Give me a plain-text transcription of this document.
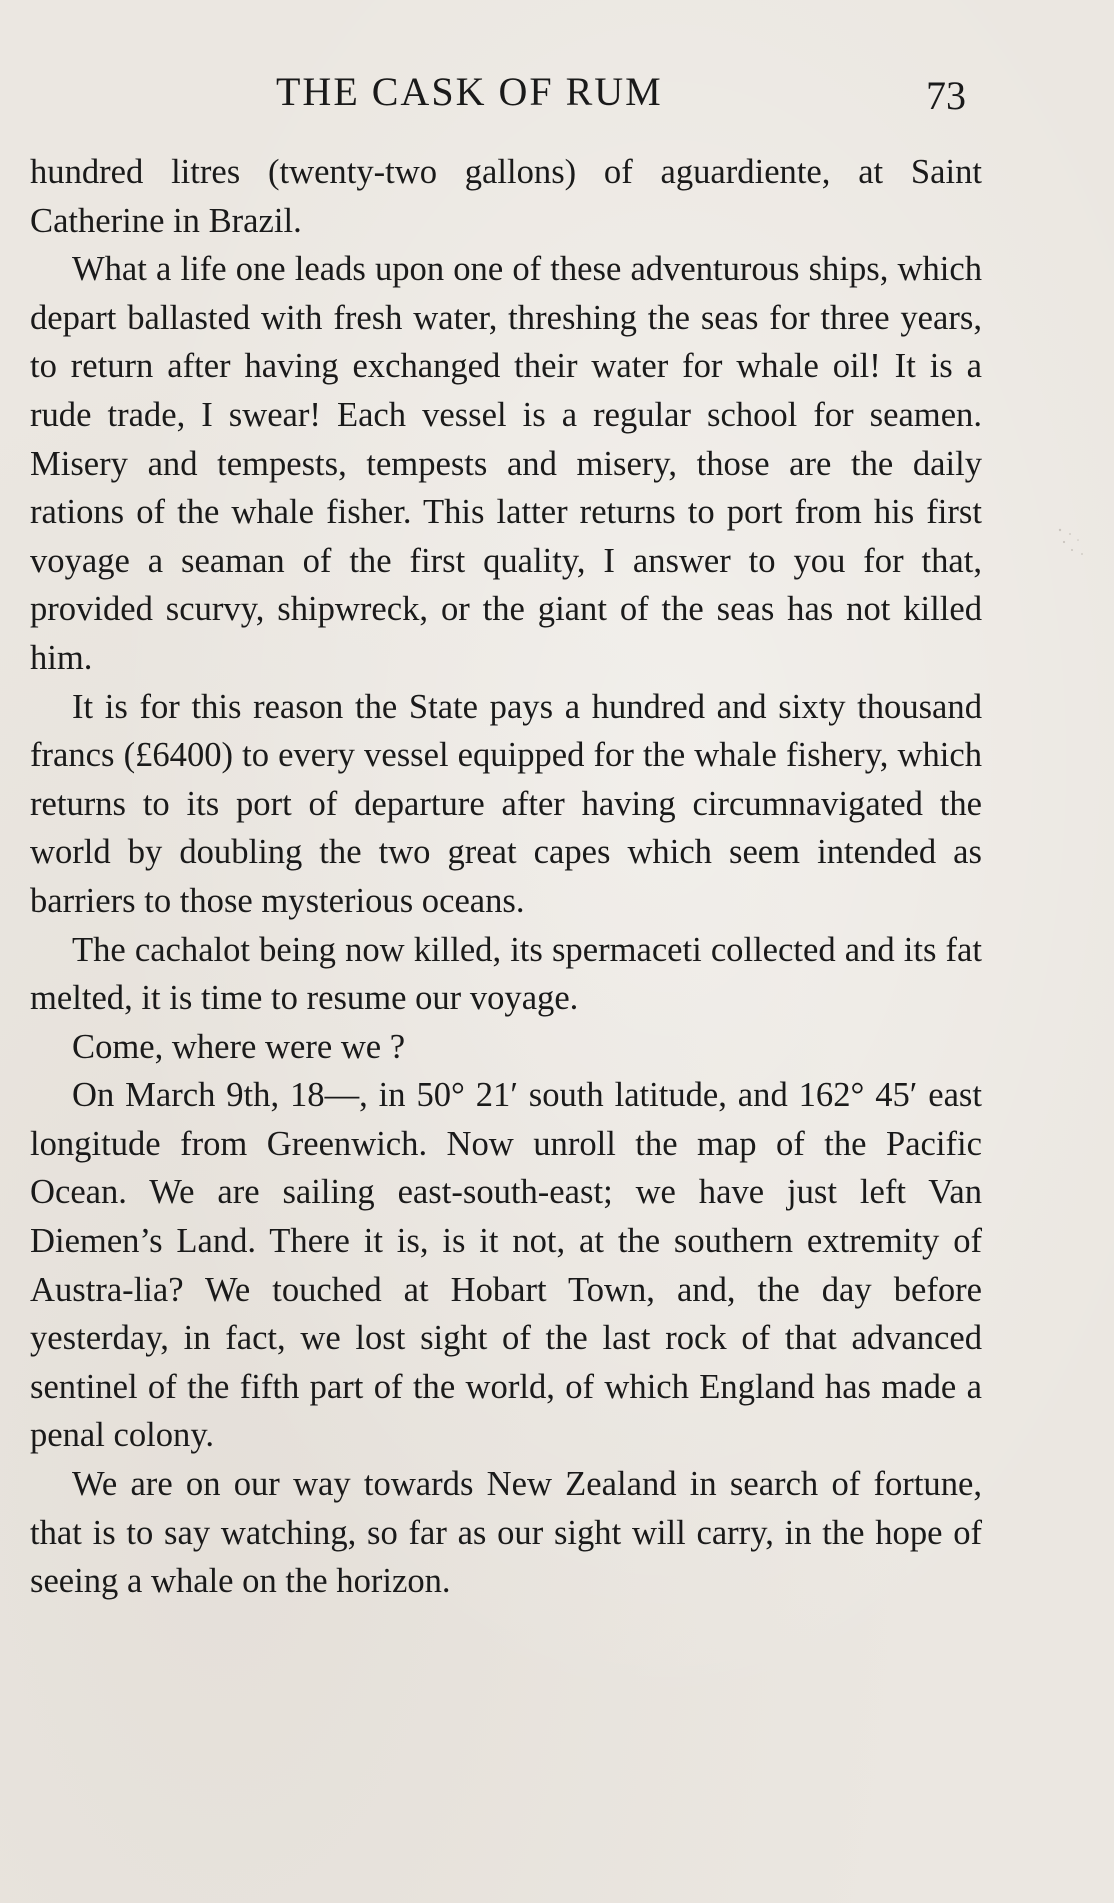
THE CASK OF RUM	73

hundred litres (twenty-two gallons) of aguardiente, at Saint Catherine in Brazil.

What a life one leads upon one of these adventurous ships, which depart ballasted with fresh water, threshing the seas for three years, to return after having exchanged their water for whale oil! It is a rude trade, I swear! Each vessel is a regular school for seamen. Misery and tempests, tempests and misery, those are the daily rations of the whale fisher. This latter returns to port from his first voyage a seaman of the first quality, I answer to you for that, provided scurvy, shipwreck, or the giant of the seas has not killed him.

It is for this reason the State pays a hundred and sixty thousand francs (£6400) to every vessel equipped for the whale fishery, which returns to its port of departure after having circumnavigated the world by doubling the two great capes which seem intended as barriers to those mysterious oceans.

The cachalot being now killed, its spermaceti collected and its fat melted, it is time to resume our voyage.

Come, where were we ?

On March 9th, 18—, in 50° 21′ south latitude, and 162° 45′ east longitude from Greenwich. Now unroll the map of the Pacific Ocean. We are sailing east-south-east; we have just left Van Diemen’s Land. There it is, is it not, at the southern extremity of Austra-lia? We touched at Hobart Town, and, the day before yesterday, in fact, we lost sight of the last rock of that advanced sentinel of the fifth part of the world, of which England has made a penal colony.

We are on our way towards New Zealand in search of fortune, that is to say watching, so far as our sight will carry, in the hope of seeing a whale on the horizon.
